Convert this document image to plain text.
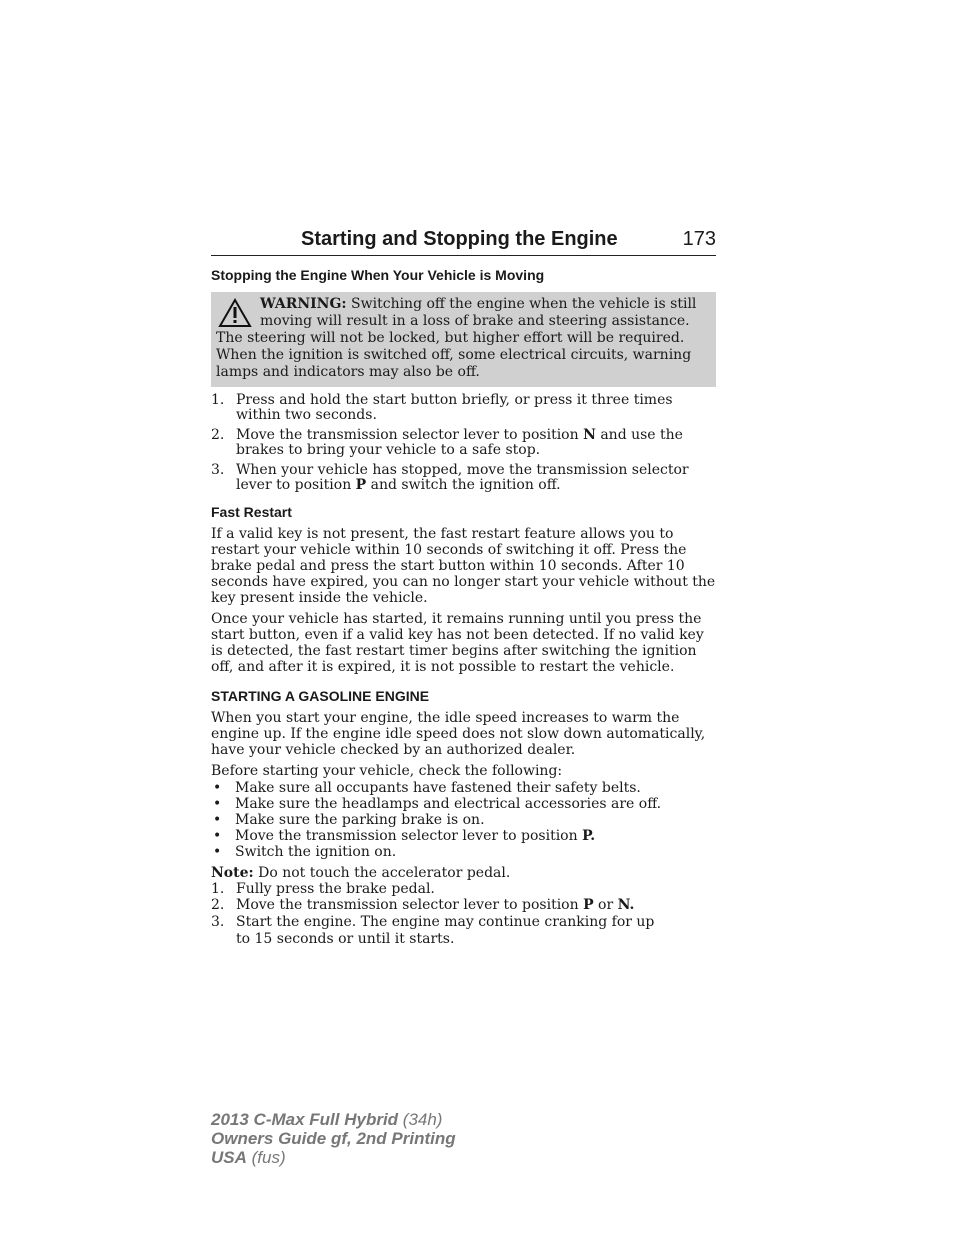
Starting and Stopping the Engine	173
Stopping the Engine When Your Vehicle is Moving
WARNING: Switching off the engine when the vehicle is still moving will result in a loss of brake and steering assistance. The steering will not be locked, but higher effort will be required. When the ignition is switched off, some electrical circuits, warning lamps and indicators may also be off.
1. Press and hold the start button briefly, or press it three times within two seconds.
2. Move the transmission selector lever to position N and use the brakes to bring your vehicle to a safe stop.
3. When your vehicle has stopped, move the transmission selector lever to position P and switch the ignition off.
Fast Restart

If a valid key is not present, the fast restart feature allows you to restart your vehicle within 10 seconds of switching it off. Press the brake pedal and press the start button within 10 seconds. After 10 seconds have expired, you can no longer start your vehicle without the key present inside the vehicle.

Once your vehicle has started, it remains running until you press the start button, even if a valid key has not been detected. If no valid key is detected, the fast restart timer begins after switching the ignition off, and after it is expired, it is not possible to restart the vehicle.

STARTING A GASOLINE ENGINE

When you start your engine, the idle speed increases to warm the engine up. If the engine idle speed does not slow down automatically, have your vehicle checked by an authorized dealer.

Before starting your vehicle, check the following:

• Make sure all occupants have fastened their safety belts.
• Make sure the headlamps and electrical accessories are off.
• Make sure the parking brake is on.
• Move the transmission selector lever to position P.
• Switch the ignition on.

Note: Do not touch the accelerator pedal.

1. Fully press the brake pedal.
2. Move the transmission selector lever to position P or N.
3. Start the engine. The engine may continue cranking for up to 15 seconds or until it starts.
2013 C-Max Full Hybrid (34h)
Owners Guide gf, 2nd Printing
USA (fus)
